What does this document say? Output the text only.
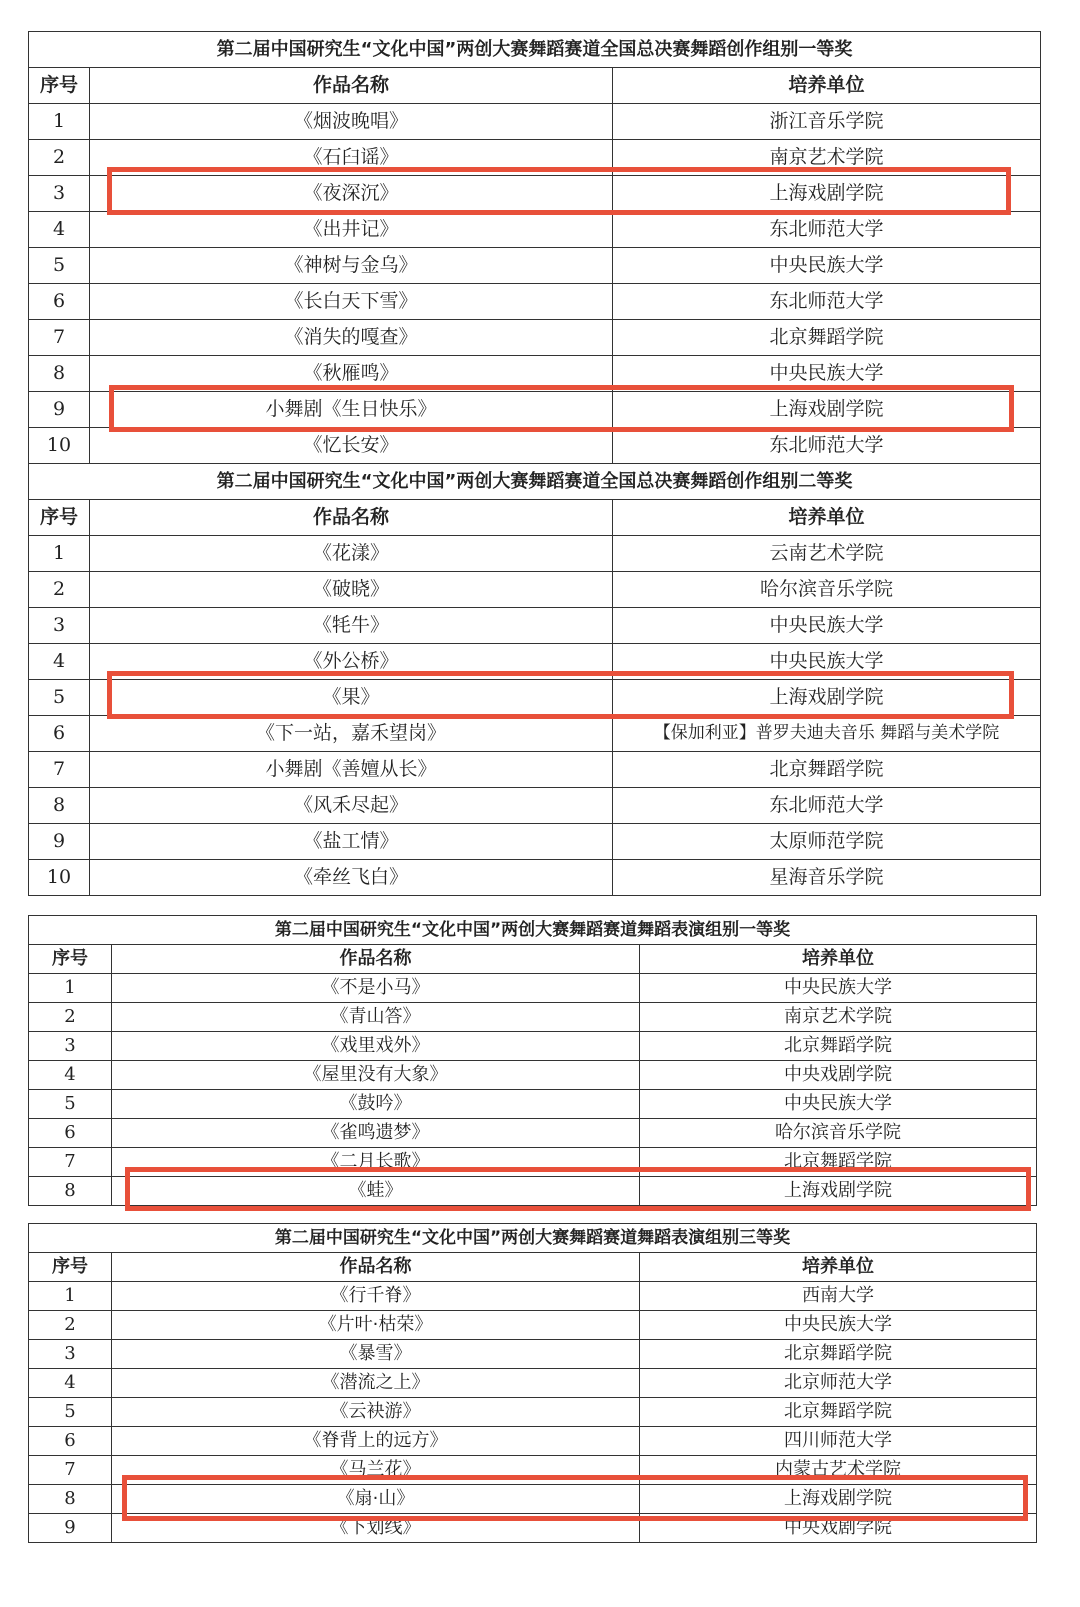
第二届中国研究生“文化中国”两创大赛舞蹈赛道全国总决赛舞蹈创作组别一等奖		
序号	作品名称	培养单位
1	《烟波晚唱》	浙江音乐学院
2	《石臼谣》	南京艺术学院
3	《夜深沉》	上海戏剧学院
4	《出井记》	东北师范大学
5	《神树与金乌》	中央民族大学
6	《长白天下雪》	东北师范大学
7	《消失的嘎查》	北京舞蹈学院
8	《秋雁鸣》	中央民族大学
9	小舞剧《生日快乐》	上海戏剧学院
10	《忆长安》	东北师范大学
第二届中国研究生“文化中国”两创大赛舞蹈赛道全国总决赛舞蹈创作组别二等奖		
序号	作品名称	培养单位
1	《花漾》	云南艺术学院
2	《破晓》	哈尔滨音乐学院
3	《牦牛》	中央民族大学
4	《外公桥》	中央民族大学
5	《果》	上海戏剧学院
6	《下一站，嘉禾望岗》	【保加利亚】普罗夫迪夫音乐 舞蹈与美术学院
7	小舞剧《善嬗从长》	北京舞蹈学院
8	《风禾尽起》	东北师范大学
9	《盐工情》	太原师范学院
10	《牵丝飞白》	星海音乐学院
第二届中国研究生“文化中国”两创大赛舞蹈赛道舞蹈表演组别一等奖		
序号	作品名称	培养单位
1	《不是小马》	中央民族大学
2	《青山答》	南京艺术学院
3	《戏里戏外》	北京舞蹈学院
4	《屋里没有大象》	中央戏剧学院
5	《鼓吟》	中央民族大学
6	《雀鸣遗梦》	哈尔滨音乐学院
7	《二月长歌》	北京舞蹈学院
8	《蛙》	上海戏剧学院
第二届中国研究生“文化中国”两创大赛舞蹈赛道舞蹈表演组别三等奖		
序号	作品名称	培养单位
1	《行千脊》	西南大学
2	《片叶·枯荣》	中央民族大学
3	《暴雪》	北京舞蹈学院
4	《潜流之上》	北京师范大学
5	《云袂游》	北京舞蹈学院
6	《脊背上的远方》	四川师范大学
7	《马兰花》	内蒙古艺术学院
8	《扇·山》	上海戏剧学院
9	《下划线》	中央戏剧学院
